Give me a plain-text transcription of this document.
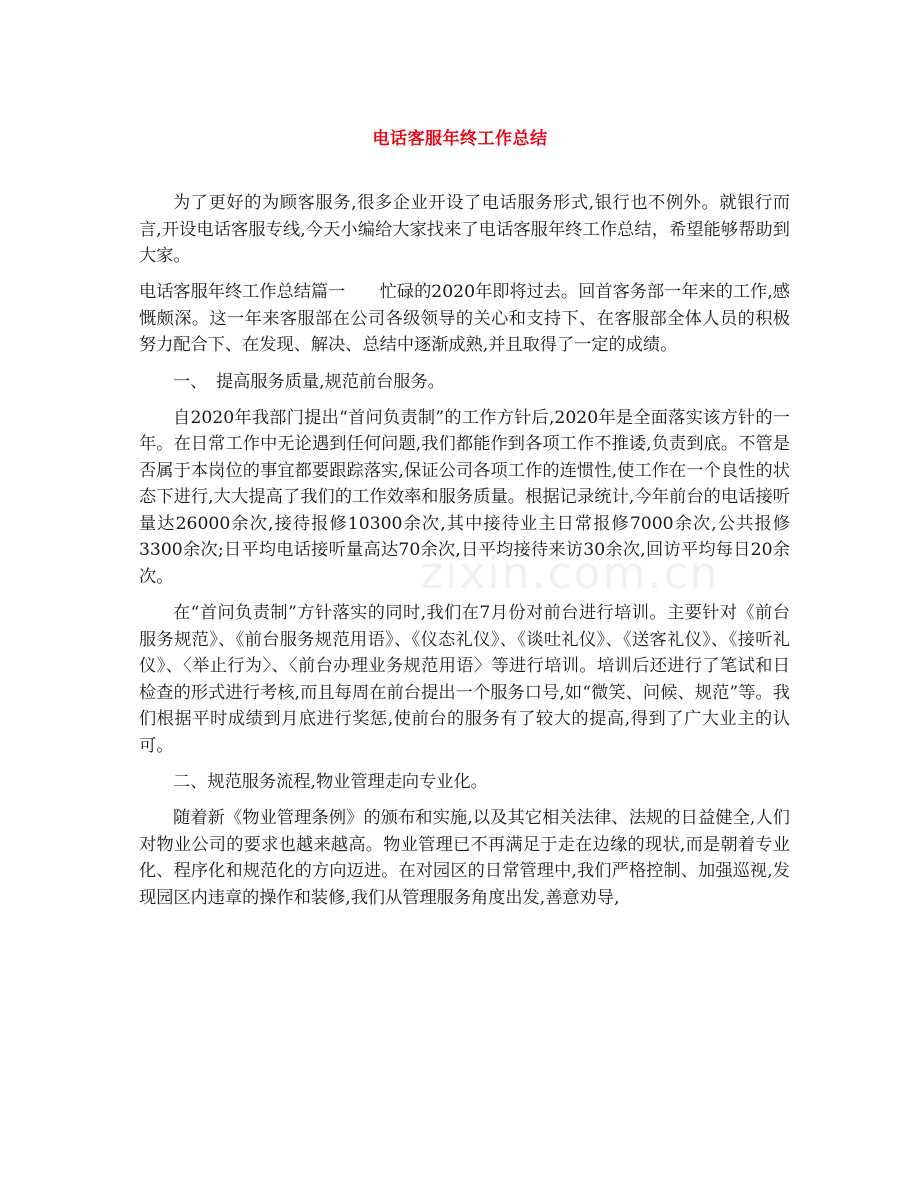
电话客服年终工作总结
zixin.com.cn

为了更好的为顾客服务,很多企业开设了电话服务形式,银行也不例外。就银行而言,开设电话客服专线,今天小编给大家找来了电话客服年终工作总结，希望能够帮助到大家。

电话客服年终工作总结篇一　　忙碌的2020年即将过去。回首客务部一年来的工作,感慨颇深。这一年来客服部在公司各级领导的关心和支持下、在客服部全体人员的积极努力配合下、在发现、解决、总结中逐渐成熟,并且取得了一定的成绩。

一、　提高服务质量,规范前台服务。

自2020年我部门提出“首问负责制”的工作方针后,2020年是全面落实该方针的一年。在日常工作中无论遇到任何问题,我们都能作到各项工作不推诿,负责到底。不管是否属于本岗位的事宜都要跟踪落实,保证公司各项工作的连惯性,使工作在一个良性的状态下进行,大大提高了我们的工作效率和服务质量。根据记录统计,今年前台的电话接听量达26000余次,接待报修10300余次,其中接待业主日常报修7000余次,公共报修3300余次;日平均电话接听量高达70余次,日平均接待来访30余次,回访平均每日20余次。

在“首问负责制”方针落实的同时,我们在7月份对前台进行培训。主要针对《前台服务规范》、《前台服务规范用语》、《仪态礼仪》、《谈吐礼仪》、《送客礼仪》、《接听礼仪》、〈举止行为〉、〈前台办理业务规范用语〉等进行培训。培训后还进行了笔试和日检查的形式进行考核,而且每周在前台提出一个服务口号,如“微笑、问候、规范”等。我们根据平时成绩到月底进行奖惩,使前台的服务有了较大的提高,得到了广大业主的认可。

二、规范服务流程,物业管理走向专业化。

随着新《物业管理条例》的颁布和实施,以及其它相关法律、法规的日益健全,人们对物业公司的要求也越来越高。物业管理已不再满足于走在边缘的现状,而是朝着专业化、程序化和规范化的方向迈进。在对园区的日常管理中,我们严格控制、加强巡视,发现园区内违章的操作和装修,我们从管理服务角度出发,善意劝导,
